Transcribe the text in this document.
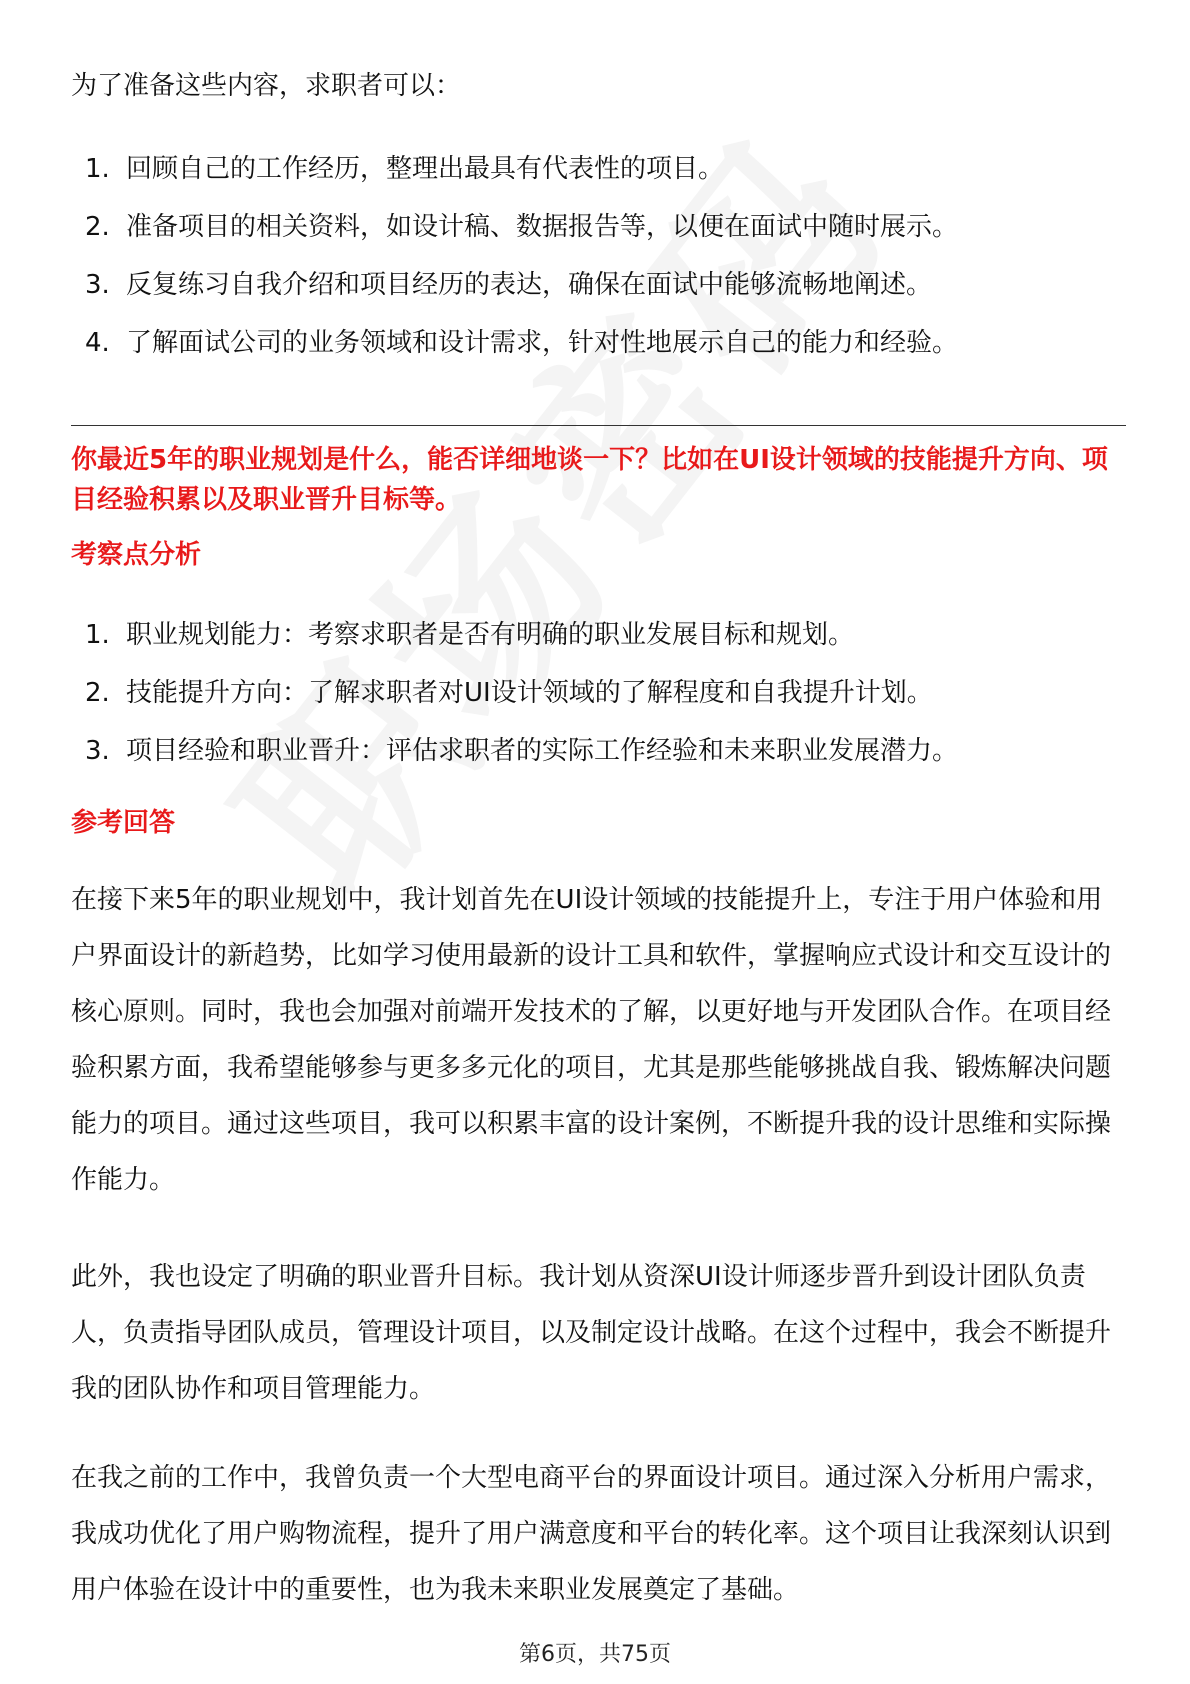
为了准备这些内容，求职者可以：

1. 回顾自己的工作经历，整理出最具有代表性的项目。
2. 准备项目的相关资料，如设计稿、数据报告等，以便在面试中随时展示。
3. 反复练习自我介绍和项目经历的表达，确保在面试中能够流畅地阐述。
4. 了解面试公司的业务领域和设计需求，针对性地展示自己的能力和经验。
你最近5年的职业规划是什么，能否详细地谈一下？比如在UI设计领域的技能提升方向、项目经验积累以及职业晋升目标等。
考察点分析
1. 职业规划能力：考察求职者是否有明确的职业发展目标和规划。
2. 技能提升方向：了解求职者对UI设计领域的了解程度和自我提升计划。
3. 项目经验和职业晋升：评估求职者的实际工作经验和未来职业发展潜力。
参考回答

在接下来5年的职业规划中，我计划首先在UI设计领域的技能提升上，专注于用户体验和用户界面设计的新趋势，比如学习使用最新的设计工具和软件，掌握响应式设计和交互设计的核心原则。同时，我也会加强对前端开发技术的了解，以更好地与开发团队合作。在项目经验积累方面，我希望能够参与更多多元化的项目，尤其是那些能够挑战自我、锻炼解决问题能力的项目。通过这些项目，我可以积累丰富的设计案例，不断提升我的设计思维和实际操作能力。

此外，我也设定了明确的职业晋升目标。我计划从资深UI设计师逐步晋升到设计团队负责人，负责指导团队成员，管理设计项目，以及制定设计战略。在这个过程中，我会不断提升我的团队协作和项目管理能力。

在我之前的工作中，我曾负责一个大型电商平台的界面设计项目。通过深入分析用户需求，我成功优化了用户购物流程，提升了用户满意度和平台的转化率。这个项目让我深刻认识到用户体验在设计中的重要性，也为我未来职业发展奠定了基础。

第6页，共75页
